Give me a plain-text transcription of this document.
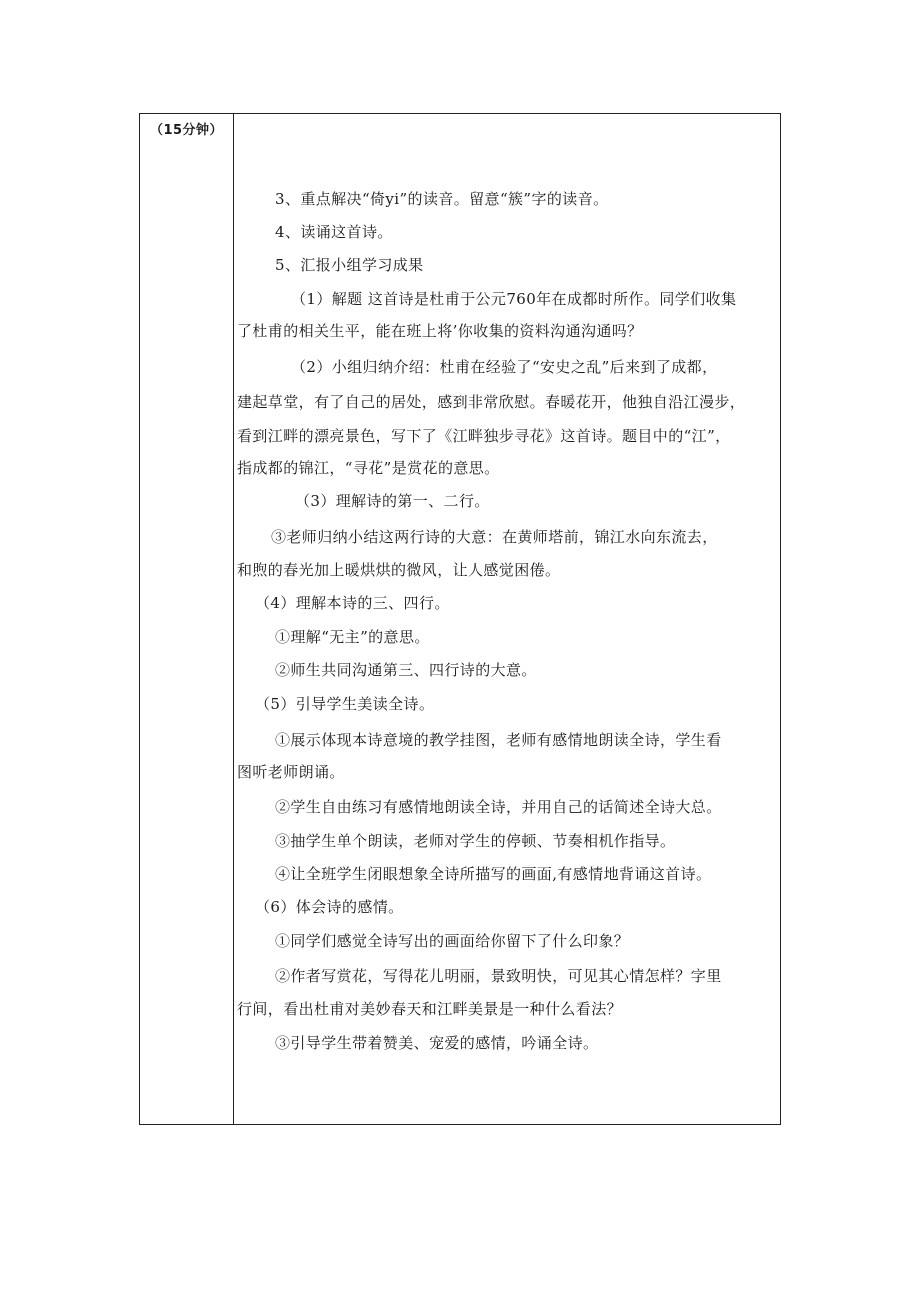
（15分钟）
3、重点解决“倚yi”的读音。留意“簇”字的读音。
4、读诵这首诗。
5、汇报小组学习成果
（1）解题 这首诗是杜甫于公元760年在成都时所作。同学们收集
了杜甫的相关生平，能在班上将’你收集的资料沟通沟通吗？
（2）小组归纳介绍：杜甫在经验了“安史之乱”后来到了成都，
建起草堂，有了自己的居处，感到非常欣慰。春暖花开，他独自沿江漫步，
看到江畔的漂亮景色，写下了《江畔独步寻花》这首诗。题目中的“江”，
指成都的锦江，“寻花”是赏花的意思。
（3）理解诗的第一、二行。
③老师归纳小结这两行诗的大意：在黄师塔前，锦江水向东流去，
和煦的春光加上暖烘烘的微风，让人感觉困倦。
（4）理解本诗的三、四行。
①理解“无主”的意思。
②师生共同沟通第三、四行诗的大意。
（5）引导学生美读全诗。
①展示体现本诗意境的教学挂图，老师有感情地朗读全诗，学生看
图听老师朗诵。
②学生自由练习有感情地朗读全诗，并用自己的话简述全诗大总。
③抽学生单个朗读，老师对学生的停顿、节奏相机作指导。
④让全班学生闭眼想象全诗所描写的画面,有感情地背诵这首诗。
（6）体会诗的感情。
①同学们感觉全诗写出的画面给你留下了什么印象？
②作者写赏花，写得花儿明丽，景致明快，可见其心情怎样？字里
行间，看出杜甫对美妙春天和江畔美景是一种什么看法？
③引导学生带着赞美、宠爱的感情，吟诵全诗。
